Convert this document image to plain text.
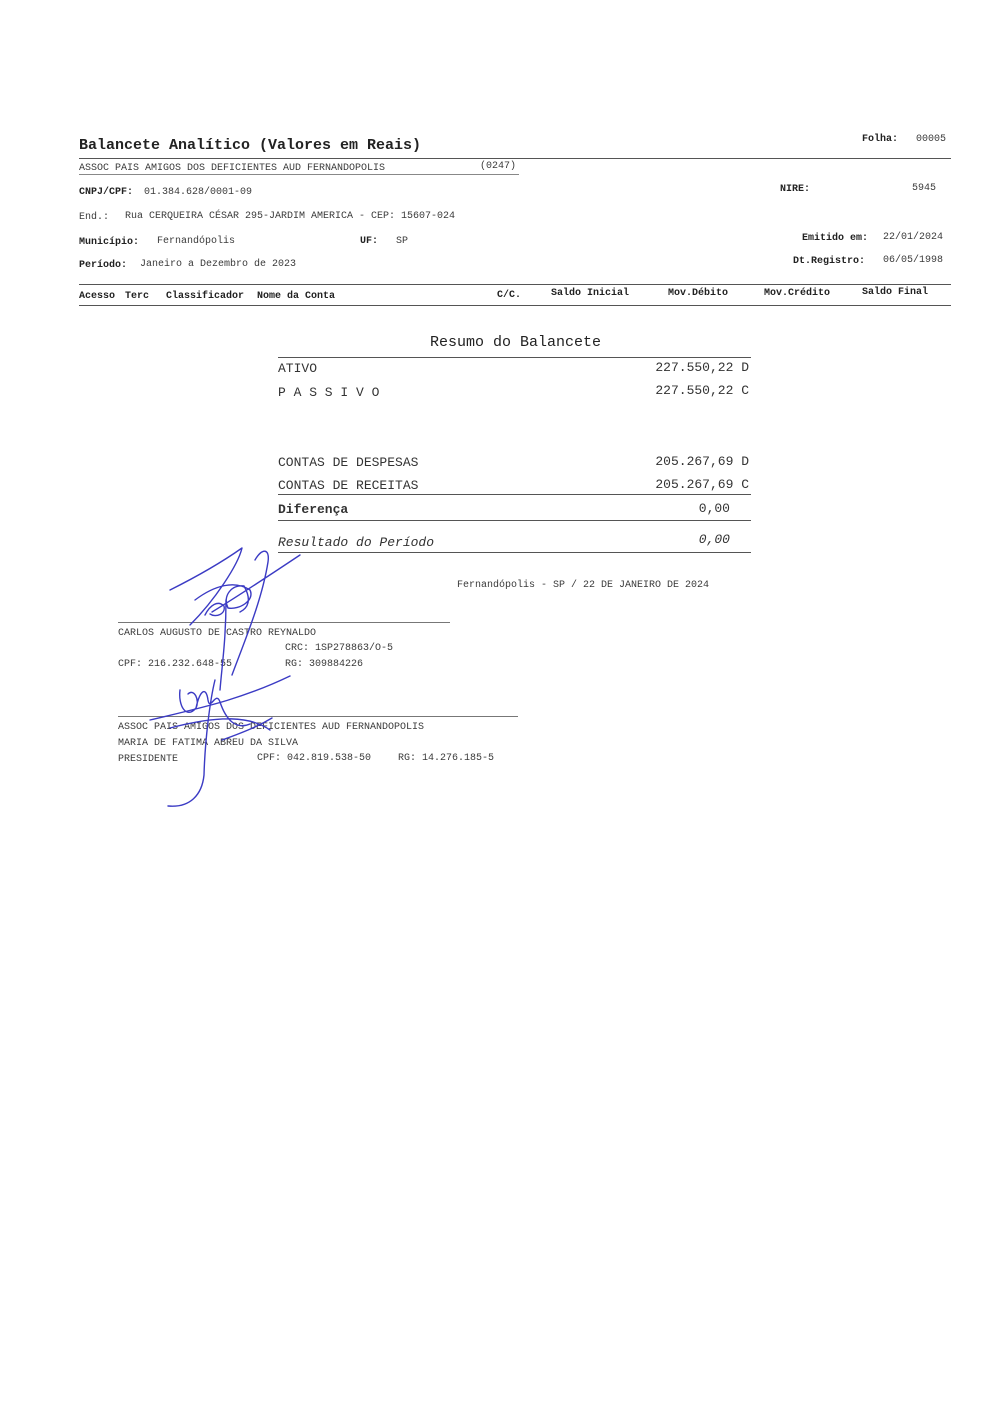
Balancete Analítico (Valores em Reais)	Folha: 00005
ASSOC PAIS AMIGOS DOS DEFICIENTES AUD FERNANDOPOLIS	(0247)
CNPJ/CPF: 01.384.628/0001-09	NIRE:	5945
End.: Rua CERQUEIRA CÉSAR 295-JARDIM AMERICA - CEP: 15607-024
Município: Fernandópolis	UF: SP	Emitido em: 22/01/2024
Período: Janeiro a Dezembro de 2023	Dt.Registro: 06/05/1998
Acesso Terc Classificador Nome da Conta	C/C.	Saldo Inicial	Mov.Débito	Mov.Crédito	Saldo Final
Resumo do Balancete
ATIVO	227.550,22 D
P A S S I V O	227.550,22 C
CONTAS DE DESPESAS	205.267,69 D
CONTAS DE RECEITAS	205.267,69 C
Diferença	0,00
Resultado do Período	0,00
Fernandópolis - SP / 22 DE JANEIRO DE 2024
CARLOS AUGUSTO DE CASTRO REYNALDO
CRC: 1SP278863/O-5
CPF: 216.232.648-55	RG: 309884226
ASSOC PAIS AMIGOS DOS DEFICIENTES AUD FERNANDOPOLIS
MARIA DE FATIMA ABREU DA SILVA
PRESIDENTE	CPF: 042.819.538-50	RG: 14.276.185-5
